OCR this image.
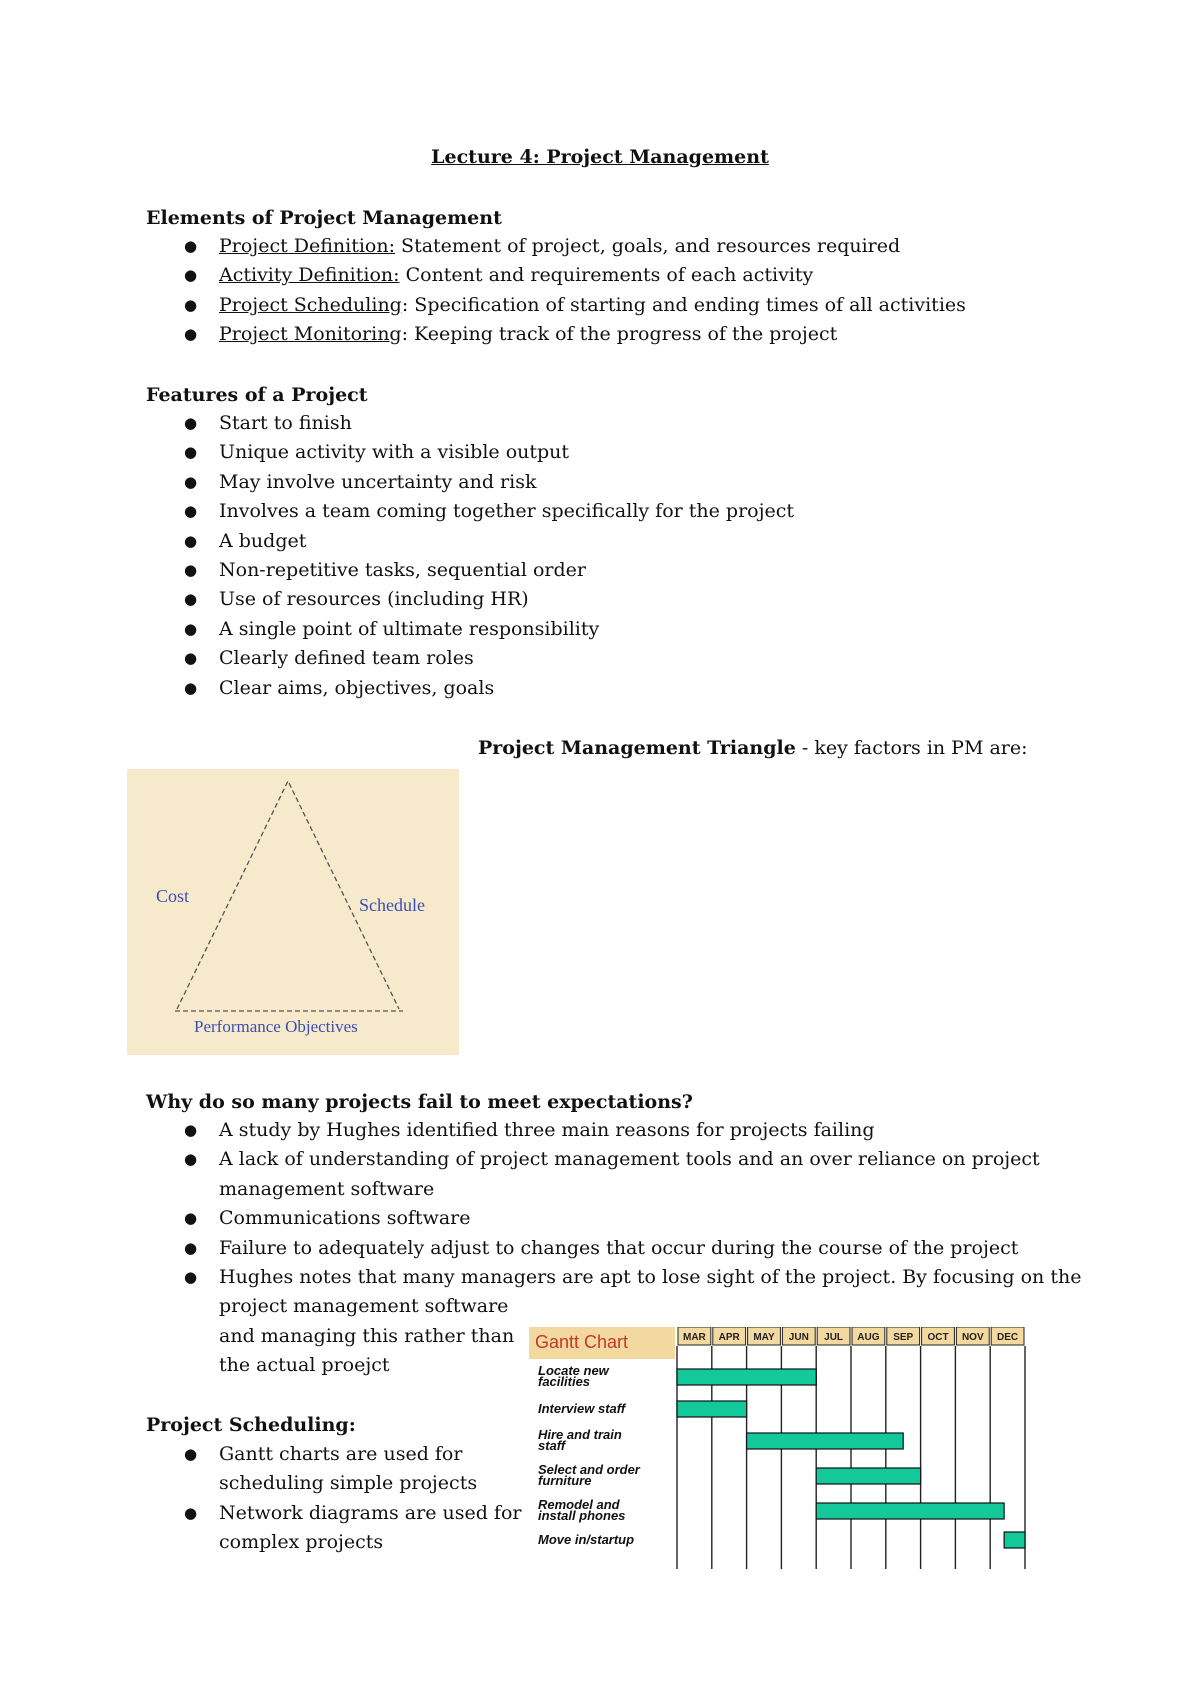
Lecture 4: Project Management
Elements of Project Management
● Project Definition: Statement of project, goals, and resources required
● Activity Definition: Content and requirements of each activity
● Project Scheduling: Specification of starting and ending times of all activities
● Project Monitoring: Keeping track of the progress of the project
Features of a Project
● Start to finish
● Unique activity with a visible output
● May involve uncertainty and risk
● Involves a team coming together specifically for the project
● A budget
● Non-repetitive tasks, sequential order
● Use of resources (including HR)
● A single point of ultimate responsibility
● Clearly defined team roles
● Clear aims, objectives, goals
Project Management Triangle - key factors in PM are:
Cost	Schedule
Performance Objectives
Why do so many projects fail to meet expectations?
● A study by Hughes identified three main reasons for projects failing
● A lack of understanding of project management tools and an over reliance on project
management software
● Communications software
● Failure to adequately adjust to changes that occur during the course of the project
● Hughes notes that many managers are apt to lose sight of the project. By focusing on the
project management software
and managing this rather than
the actual proejct
Project Scheduling:
● Gantt charts are used for
scheduling simple projects
● Network diagrams are used for
complex projects
Gantt Chart	MAR APR MAY JUN JUL AUG SEP OCT NOV DEC
Locate new
facilities
Interview staff
Hire and train
staff
Select and order
furniture
Remodel and
install phones
Move in/startup
